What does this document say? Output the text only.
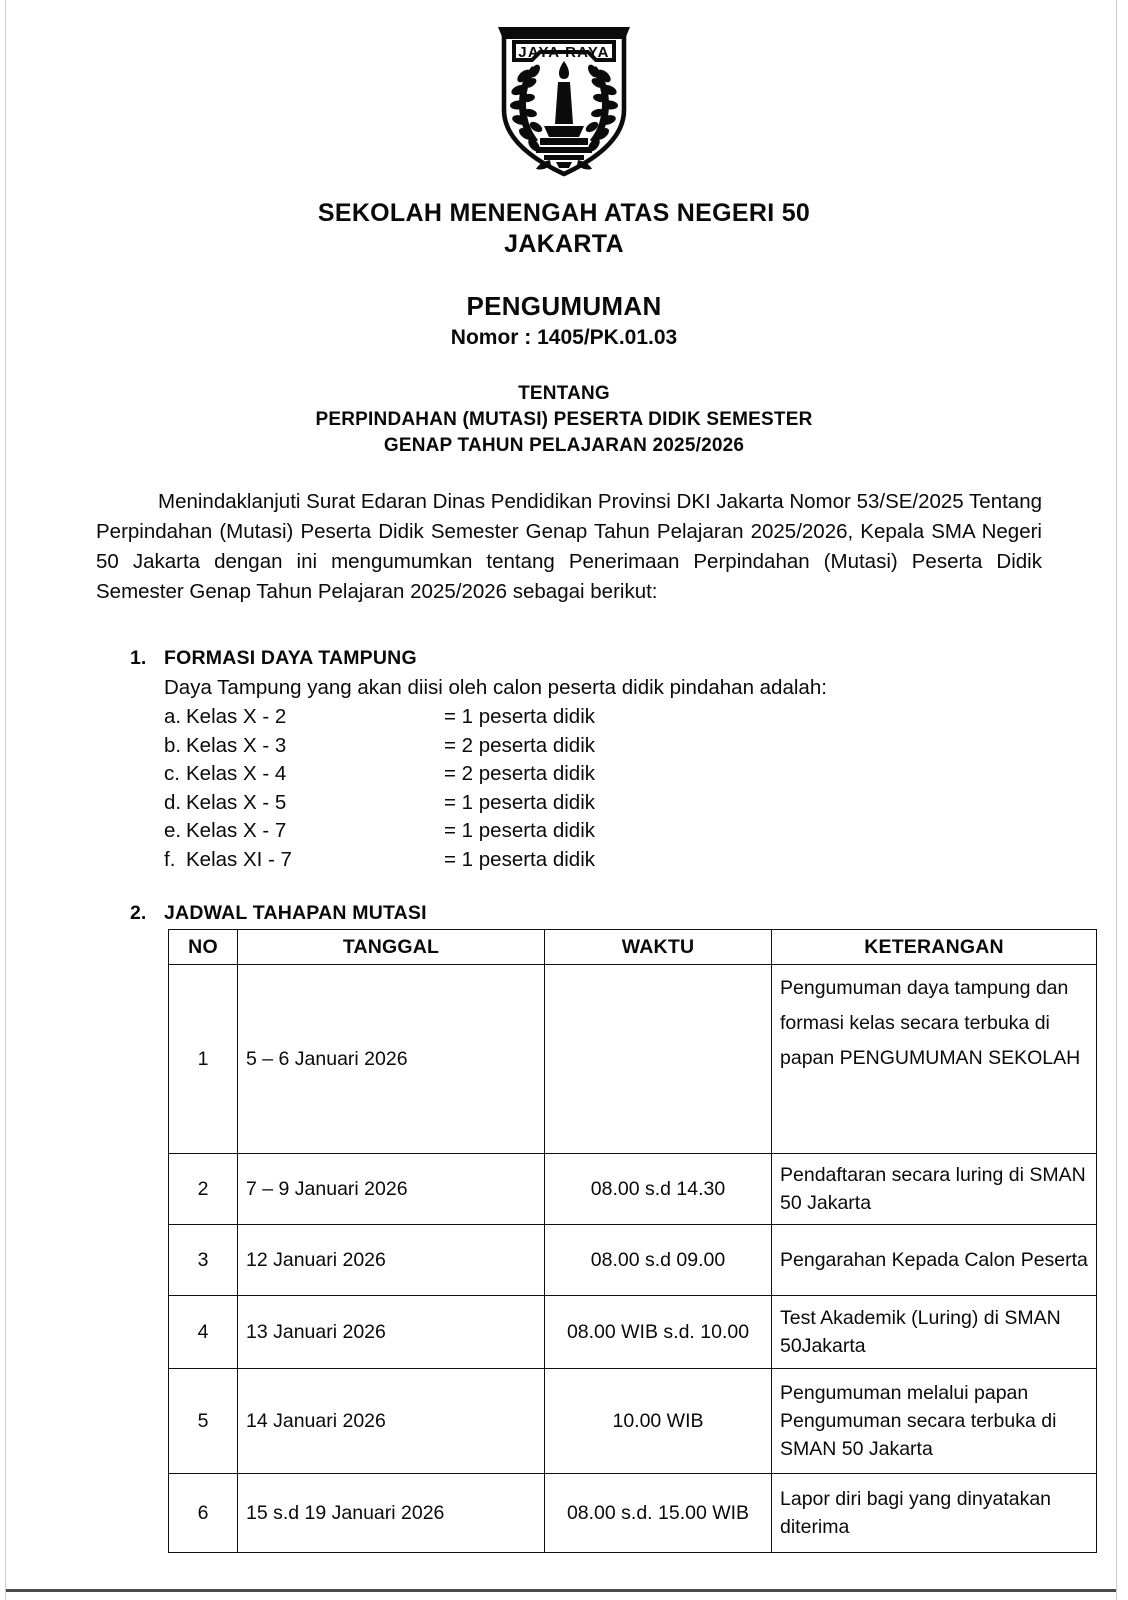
JAYA RAYA
SEKOLAH MENENGAH ATAS NEGERI 50
JAKARTA
PENGUMUMAN
Nomor : 1405/PK.01.03
TENTANG
PERPINDAHAN (MUTASI) PESERTA DIDIK SEMESTER
GENAP TAHUN PELAJARAN 2025/2026
Menindaklanjuti Surat Edaran Dinas Pendidikan Provinsi DKI Jakarta Nomor 53/SE/2025 Tentang Perpindahan (Mutasi) Peserta Didik Semester Genap Tahun Pelajaran 2025/2026, Kepala SMA Negeri 50 Jakarta dengan ini mengumumkan tentang Penerimaan Perpindahan (Mutasi) Peserta Didik Semester Genap Tahun Pelajaran 2025/2026 sebagai berikut:
1. FORMASI DAYA TAMPUNG
Daya Tampung yang akan diisi oleh calon peserta didik pindahan adalah:
a. Kelas X - 2	= 1 peserta didik
b. Kelas X - 3	= 2 peserta didik
c. Kelas X - 4	= 2 peserta didik
d. Kelas X - 5	= 1 peserta didik
e. Kelas X - 7	= 1 peserta didik
f. Kelas XI - 7	= 1 peserta didik
2. JADWAL TAHAPAN MUTASI
NO	TANGGAL	WAKTU	KETERANGAN
1	5 – 6 Januari 2026		Pengumuman daya tampung dan formasi kelas secara terbuka di papan PENGUMUMAN SEKOLAH
2	7 – 9 Januari 2026	08.00 s.d 14.30	Pendaftaran secara luring di SMAN 50 Jakarta
3	12 Januari 2026	08.00 s.d 09.00	Pengarahan Kepada Calon Peserta
4	13 Januari 2026	08.00 WIB s.d. 10.00	Test Akademik (Luring) di SMAN 50Jakarta
5	14 Januari 2026	10.00 WIB	Pengumuman melalui papan Pengumuman secara terbuka di SMAN 50 Jakarta
6	15 s.d 19 Januari 2026	08.00 s.d. 15.00 WIB	Lapor diri bagi yang dinyatakan diterima
